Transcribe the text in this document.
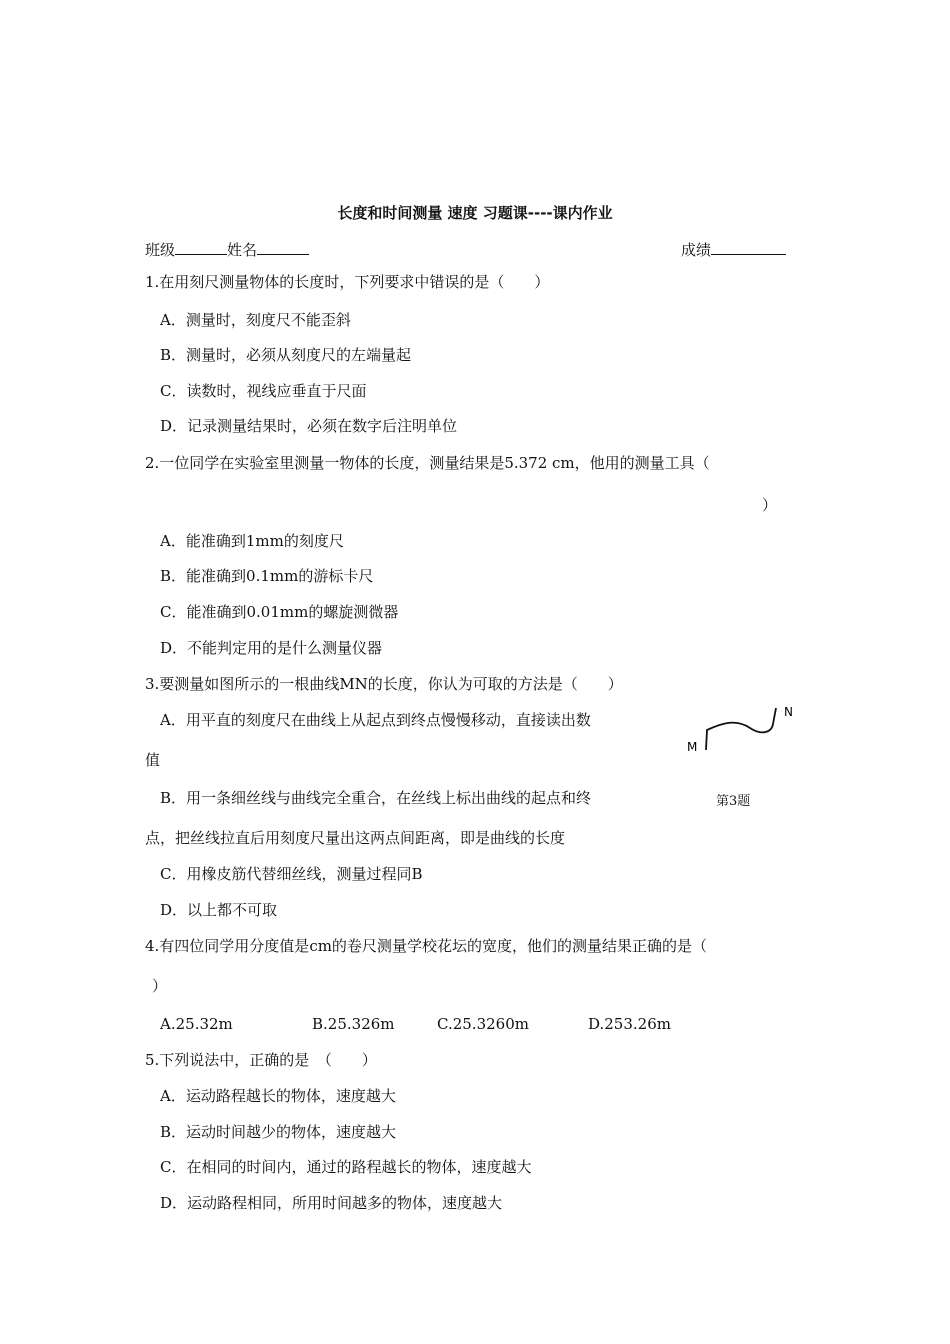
长度和时间测量 速度 习题课----课内作业
班级	姓名	成绩
1.在用刻尺测量物体的长度时，下列要求中错误的是（　　）
A．测量时，刻度尺不能歪斜
B．测量时，必须从刻度尺的左端量起
C．读数时，视线应垂直于尺面
D．记录测量结果时，必须在数字后注明单位
2.一位同学在实验室里测量一物体的长度，测量结果是5.372 cm，他用的测量工具（
）
A．能准确到1mm的刻度尺
B．能准确到0.1mm的游标卡尺
C．能准确到0.01mm的螺旋测微器
D．不能判定用的是什么测量仪器
3.要测量如图所示的一根曲线MN的长度，你认为可取的方法是（　　）
A．用平直的刻度尺在曲线上从起点到终点慢慢移动，直接读出数
值
B．用一条细丝线与曲线完全重合，在丝线上标出曲线的起点和终
点，把丝线拉直后用刻度尺量出这两点间距离，即是曲线的长度
C．用橡皮筋代替细丝线，测量过程同B
D．以上都不可取
M
N
第3题
4.有四位同学用分度值是cm的卷尺测量学校花坛的宽度，他们的测量结果正确的是（
）
A.25.32m	B.25.326m	C.25.3260m	D.253.26m
5.下列说法中，正确的是　（　　）
A．运动路程越长的物体，速度越大
B．运动时间越少的物体，速度越大
C．在相同的时间内，通过的路程越长的物体，速度越大
D．运动路程相同，所用时间越多的物体，速度越大
